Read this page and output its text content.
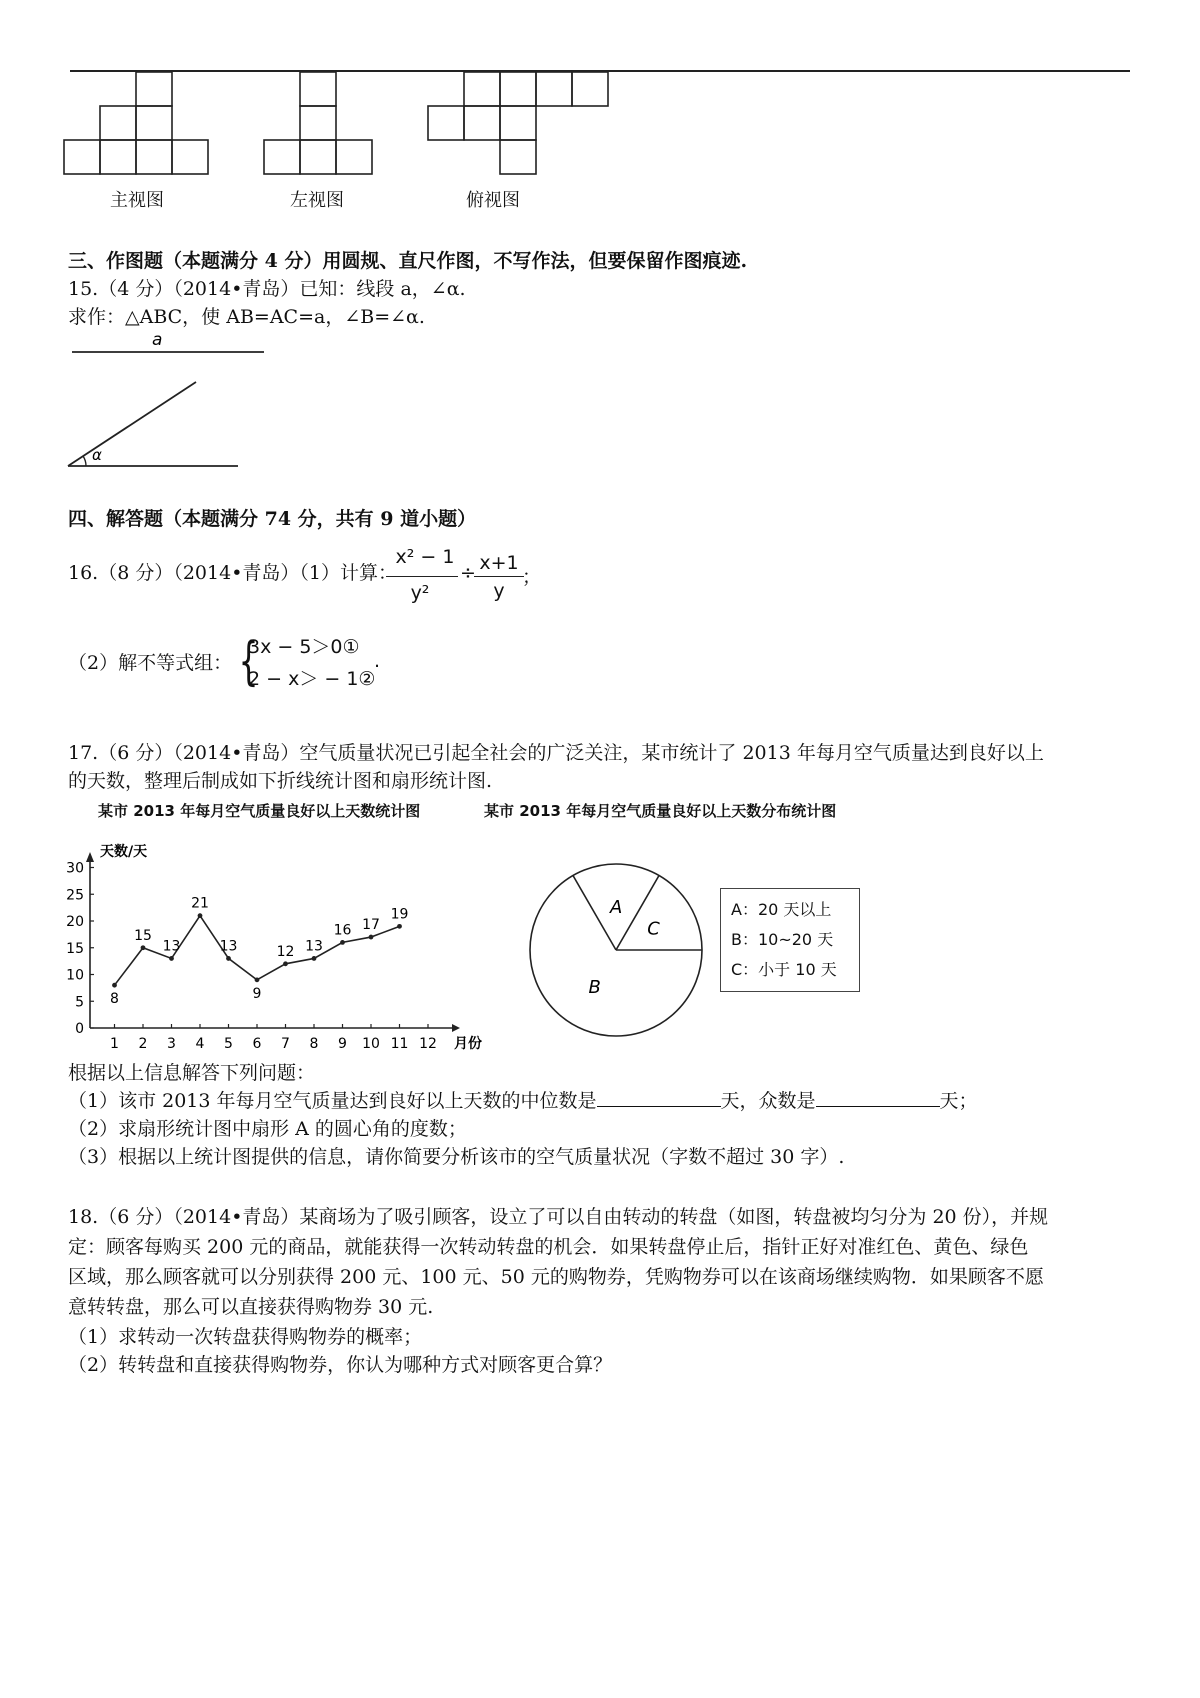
主视图	左视图	俯视图
三、作图题（本题满分 4 分）用圆规、直尺作图，不写作法，但要保留作图痕迹.
15.（4 分）（2014•青岛）已知：线段 a，∠α.
求作：△ABC，使 AB=AC=a，∠B=∠α.
a
α
四、解答题（本题满分 74 分，共有 9 道小题）
16.（8 分）（2014•青岛）（1）计算：
x² − 1
y²
÷ x+1
y
；
（2）解不等式组： {
3x − 5＞0①
2 − x＞ − 1②
.
17.（6 分）（2014•青岛）空气质量状况已引起全社会的广泛关注，某市统计了 2013 年每月空气质量达到良好以上
的天数，整理后制成如下折线统计图和扇形统计图.
某市 2013 年每月空气质量良好以上天数统计图	某市 2013 年每月空气质量良好以上天数分布统计图
天数/天
月份
0
5
10
15
20
25
30
1 2 3 4 5 6 7 8 9 10 11 12
8
15
13
21
13
9
12 13
16 17
19	A
C
B
A：20 天以上
B：10~20 天
C：小于 10 天
根据以上信息解答下列问题：
（1）该市 2013 年每月空气质量达到良好以上天数的中位数是	天，众数是	天；
（2）求扇形统计图中扇形 A 的圆心角的度数；
（3）根据以上统计图提供的信息，请你简要分析该市的空气质量状况（字数不超过 30 字）.
18.（6 分）（2014•青岛）某商场为了吸引顾客，设立了可以自由转动的转盘（如图，转盘被均匀分为 20 份），并规
定：顾客每购买 200 元的商品，就能获得一次转动转盘的机会．如果转盘停止后，指针正好对准红色、黄色、绿色
区域，那么顾客就可以分别获得 200 元、100 元、50 元的购物券，凭购物券可以在该商场继续购物．如果顾客不愿
意转转盘，那么可以直接获得购物券 30 元.
（1）求转动一次转盘获得购物券的概率；
（2）转转盘和直接获得购物券，你认为哪种方式对顾客更合算？
